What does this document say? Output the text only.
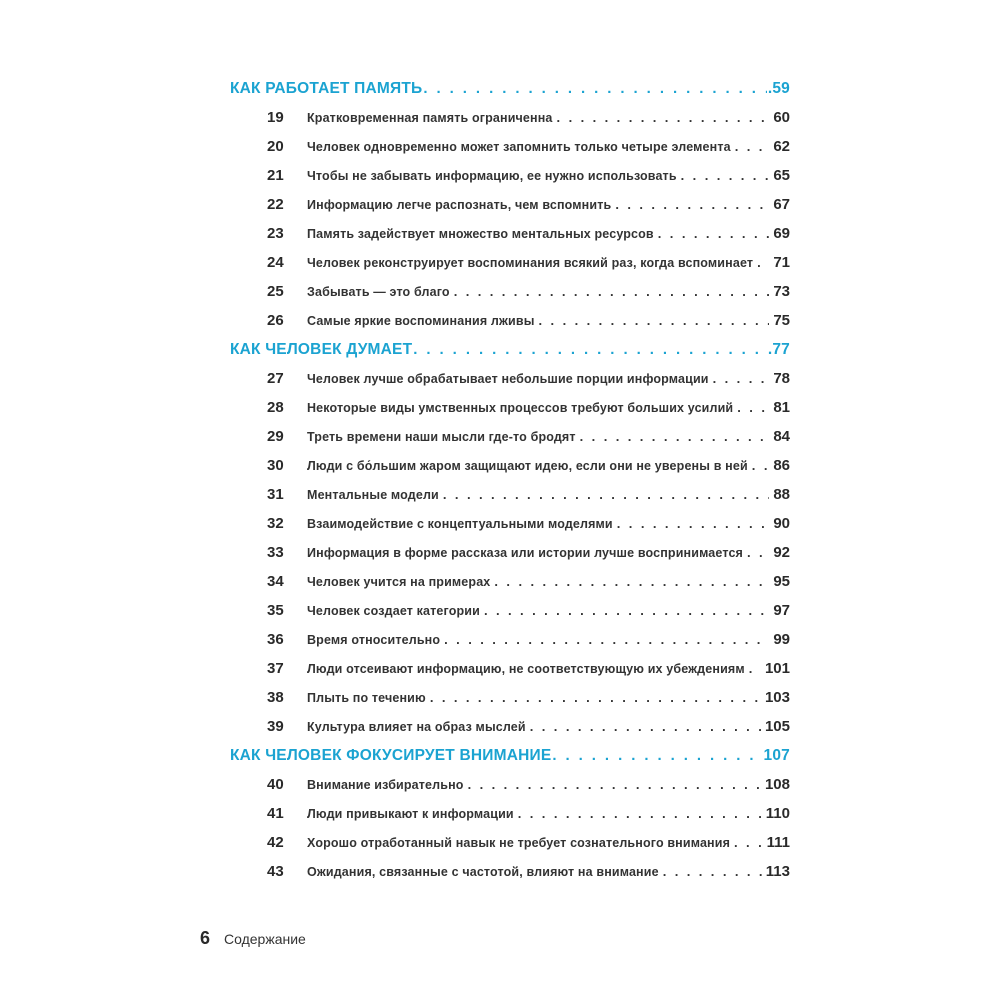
КАК РАБОТАЕТ ПАМЯТЬ . . .	.59
19	Кратковременная память ограниченна . . .	60
20	Человек одновременно может запомнить только четыре элемента . . .	62
21	Чтобы не забывать информацию, ее нужно использовать . . .	65
22	Информацию легче распознать, чем вспомнить . . .	67
23	Память задействует множество ментальных ресурсов . . .	69
24	Человек реконструирует воспоминания всякий раз, когда вспоминает . . . 71
25	Забывать — это благо . . .	73
26	Самые яркие воспоминания лживы . . .	75
КАК ЧЕЛОВЕК ДУМАЕТ . . .	.77
27	Человек лучше обрабатывает небольшие порции информации . . .	78
28	Некоторые виды умственных процессов требуют больших усилий . . .	81
29	Треть времени наши мысли где-то бродят . . .	84
30	Люди с бо́льшим жаром защищают идею, если они не уверены в ней . . . 86
31	Ментальные модели . . .	88
32	Взаимодействие с концептуальными моделями . . .	90
33	Информация в форме рассказа или истории лучше воспринимается . . . 92
34	Человек учится на примерах . . .	95
35	Человек создает категории . . .	97
36	Время относительно . . .	99
37	Люди отсеивают информацию, не соответствующую их убеждениям . . . 101
38	Плыть по течению . . .	103
39	Культура влияет на образ мыслей . . .	105
КАК ЧЕЛОВЕК ФОКУСИРУЕТ ВНИМАНИЕ . . .	107
40	Внимание избирательно . . .	108
41	Люди привыкают к информации . . .	110
42	Хорошо отработанный навык не требует сознательного внимания . . . 111
43	Ожидания, связанные с частотой, влияют на внимание . . .	113
6 Содержание
